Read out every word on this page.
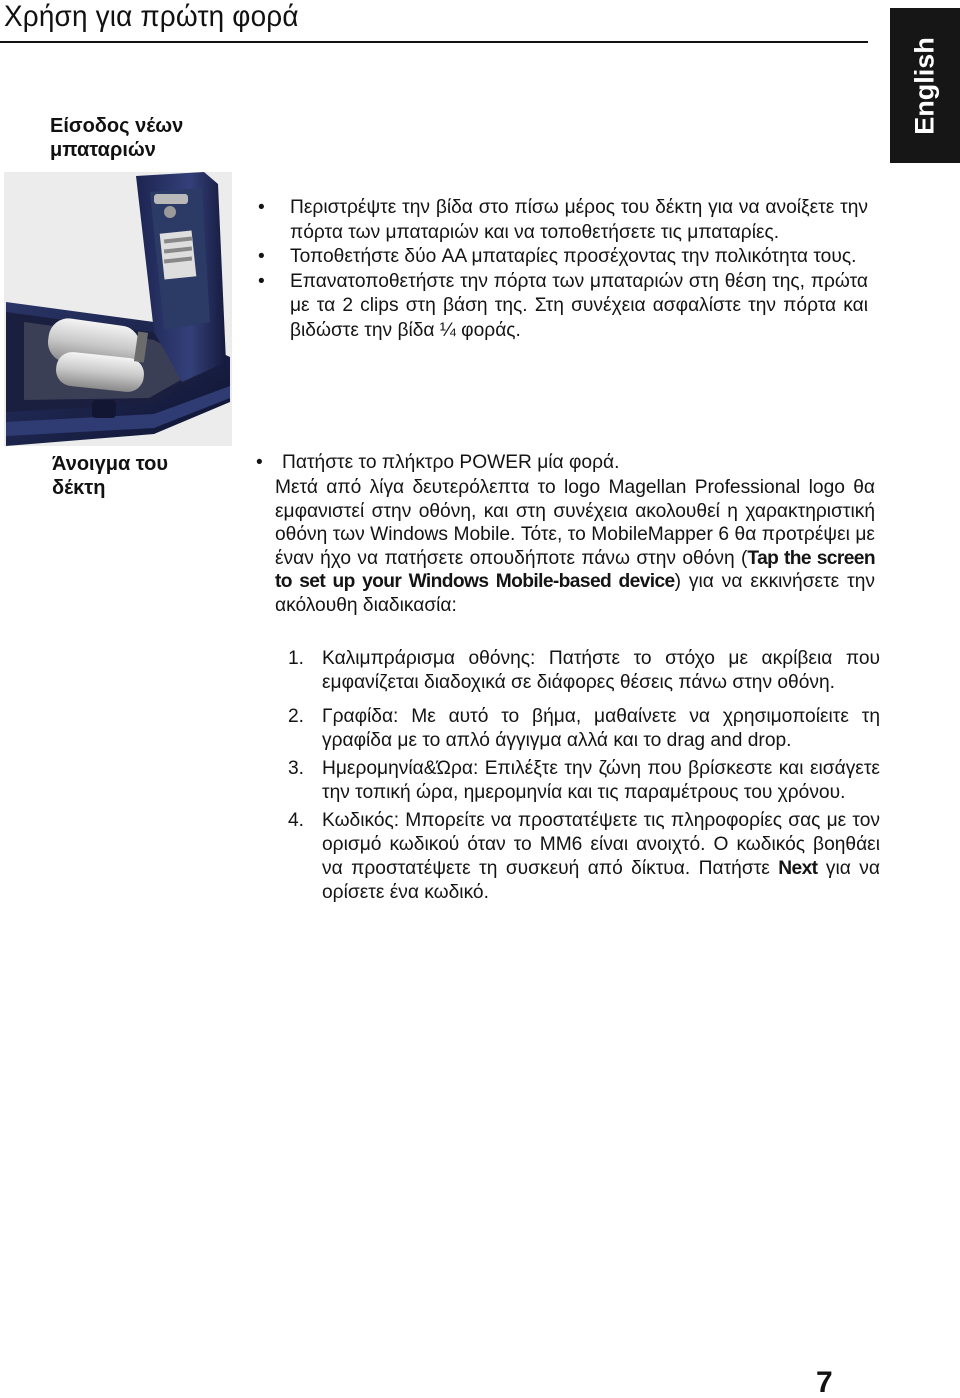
Χρήση για πρώτη φορά
English
Είσοδος νέων
μπαταριών
• Περιστρέψτε την βίδα στο πίσω μέρος του δέκτη για να ανοίξετε την πόρτα των μπαταριών και να τοποθετήσετε τις μπαταρίες.
• Τοποθετήστε δύο AA μπαταρίες προσέχοντας την πολικότητα τους.
• Επανατοποθετήστε την πόρτα των μπαταριών στη θέση της, πρώτα με τα 2 clips στη βάση της. Στη συνέχεια ασφαλίστε την πόρτα και βιδώστε την βίδα ¼ φοράς.
Άνοιγμα του
δέκτη
• Πατήστε το πλήκτρο POWER μία φορά.

Μετά από λίγα δευτερόλεπτα το logo Magellan Professional logo θα εμφανιστεί στην οθόνη, και στη συνέχεια ακολουθεί η χαρακτηριστική οθόνη των Windows Mobile. Τότε, το MobileMapper 6 θα προτρέψει με έναν ήχο να πατήσετε οπουδήποτε πάνω στην οθόνη (Tap the screen to set up your Windows Mobile-based device) για να εκκινήσετε την ακόλουθη διαδικασία:

1. Καλιμπράρισμα οθόνης: Πατήστε το στόχο με ακρίβεια που εμφανίζεται διαδοχικά σε διάφορες θέσεις πάνω στην οθόνη.
2. Γραφίδα: Με αυτό το βήμα, μαθαίνετε να χρησιμοποίειτε τη γραφίδα με το απλό άγγιγμα αλλά και το drag and drop.
3. Ημερομηνία&Ώρα: Επιλέξτε την ζώνη που βρίσκεστε και εισάγετε την τοπική ώρα, ημερομηνία και τις παραμέτρους του χρόνου.
4. Κωδικός: Μπορείτε να προστατέψετε τις πληροφορίες σας με τον ορισμό κωδικού όταν το MM6 είναι ανοιχτό. Ο κωδικός βοηθάει να προστατέψετε τη συσκευή από δίκτυα. Πατήστε Next για να ορίσετε ένα κωδικό.
7
